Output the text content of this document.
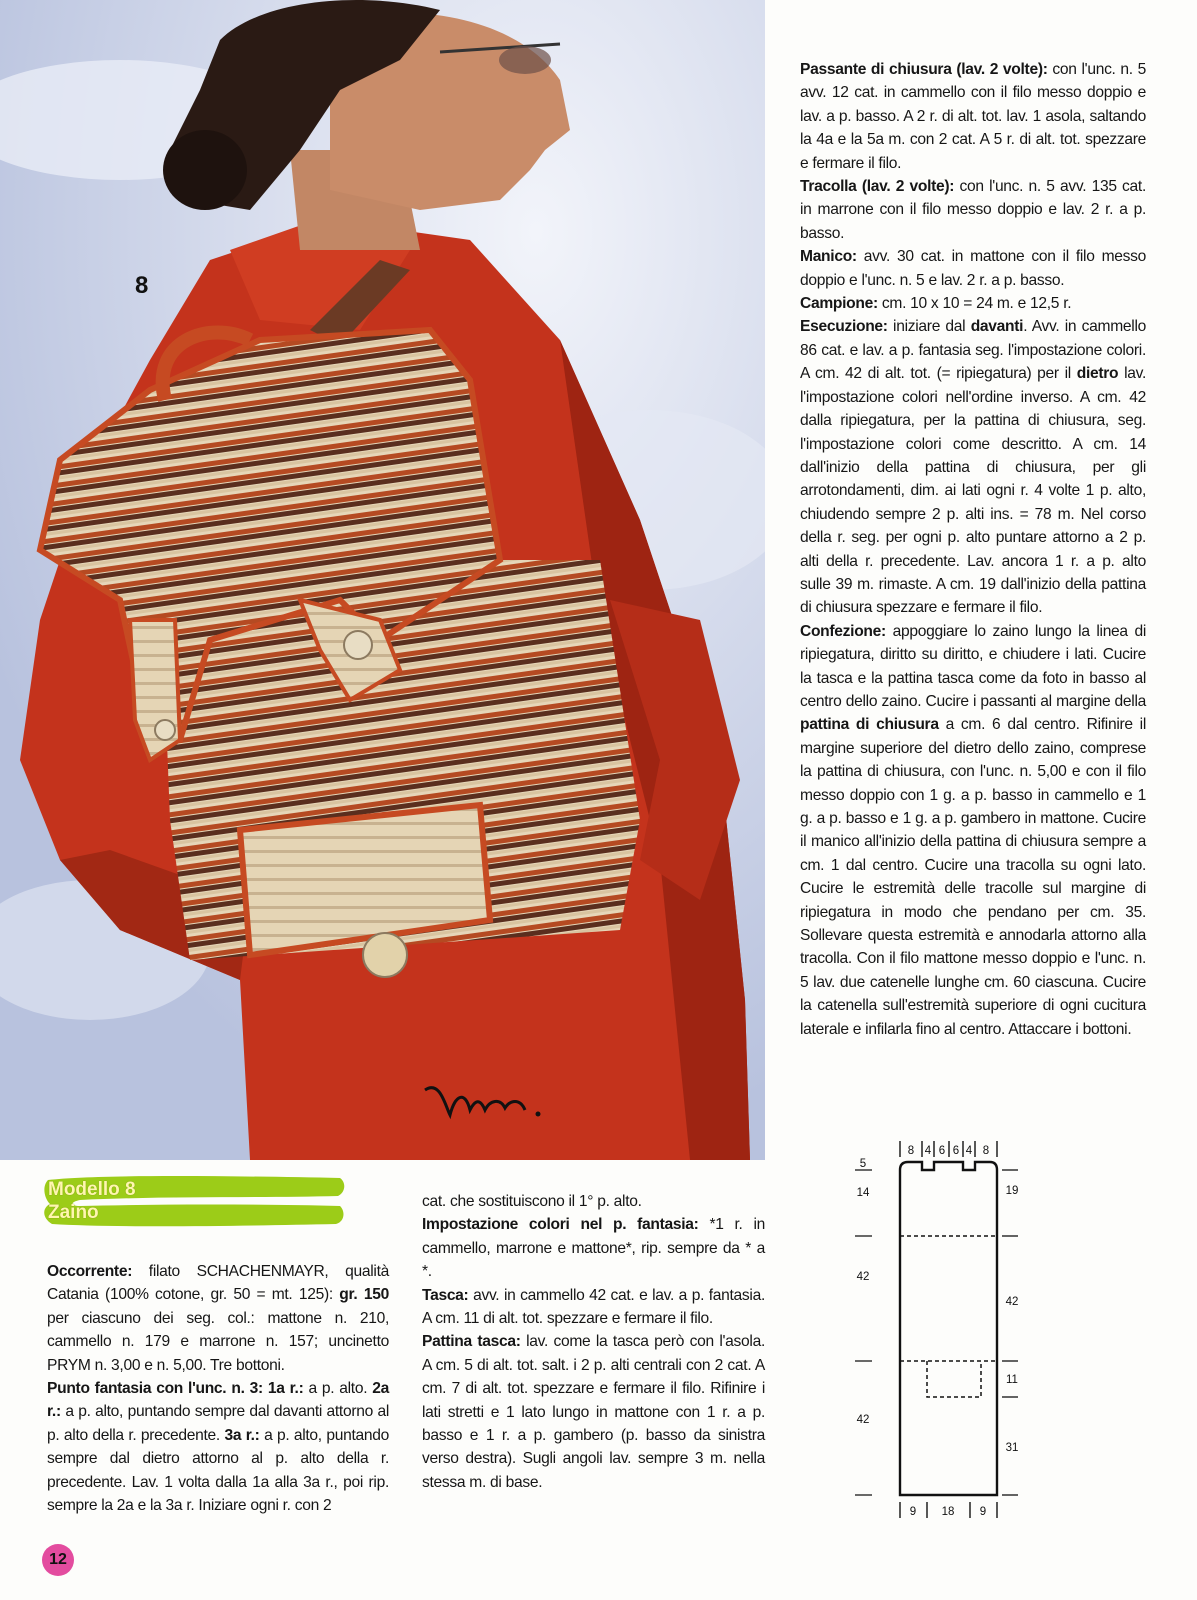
8

Passante di chiusura (lav. 2 volte): con l'unc. n. 5 avv. 12 cat. in cammello con il filo messo doppio e lav. a p. basso. A 2 r. di alt. tot. lav. 1 asola, saltando la 4a e la 5a m. con 2 cat. A 5 r. di alt. tot. spezzare e fermare il filo.

Tracolla (lav. 2 volte): con l'unc. n. 5 avv. 135 cat. in marrone con il filo messo doppio e lav. 2 r. a p. basso.

Manico: avv. 30 cat. in mattone con il filo messo doppio e l'unc. n. 5 e lav. 2 r. a p. basso.

Campione: cm. 10 x 10 = 24 m. e 12,5 r.

Esecuzione: iniziare dal davanti. Avv. in cammello 86 cat. e lav. a p. fantasia seg. l'impostazione colori. A cm. 42 di alt. tot. (= ripiegatura) per il dietro lav. l'impostazione colori nell'ordine inverso. A cm. 42 dalla ripiegatura, per la pattina di chiusura, seg. l'impostazione colori come descritto. A cm. 14 dall'inizio della pattina di chiusura, per gli arrotondamenti, dim. ai lati ogni r. 4 volte 1 p. alto, chiudendo sempre 2 p. alti ins. = 78 m. Nel corso della r. seg. per ogni p. alto puntare attorno a 2 p. alti della r. precedente. Lav. ancora 1 r. a p. alto sulle 39 m. rimaste. A cm. 19 dall'inizio della pattina di chiusura spezzare e fermare il filo.

Confezione: appoggiare lo zaino lungo la linea di ripiegatura, diritto su diritto, e chiudere i lati. Cucire la tasca e la pattina tasca come da foto in basso al centro dello zaino. Cucire i passanti al margine della pattina di chiusura a cm. 6 dal centro. Rifinire il margine superiore del dietro dello zaino, comprese la pattina di chiusura, con l'unc. n. 5,00 e con il filo messo doppio con 1 g. a p. basso in cammello e 1 g. a p. basso e 1 g. a p. gambero in mattone. Cucire il manico all'inizio della pattina di chiusura sempre a cm. 1 dal centro. Cucire una tracolla su ogni lato. Cucire le estremità delle tracolle sul margine di ripiegatura in modo che pendano per cm. 35. Sollevare questa estremità e annodarla attorno alla tracolla. Con il filo mattone messo doppio e l'unc. n. 5 lav. due catenelle lunghe cm. 60 ciascuna. Cucire la catenella sull'estremità superiore di ogni cucitura laterale e infilarla fino al centro. Attaccare i bottoni.

Modello 8
Zaino

Occorrente: filato SCHACHENMAYR, qualità Catania (100% cotone, gr. 50 = mt. 125): gr. 150 per ciascuno dei seg. col.: mattone n. 210, cammello n. 179 e marrone n. 157; uncinetto PRYM n. 3,00 e n. 5,00. Tre bottoni.

Punto fantasia con l'unc. n. 3: 1a r.: a p. alto. 2a r.: a p. alto, puntando sempre dal davanti attorno al p. alto della r. precedente. 3a r.: a p. alto, puntando sempre dal dietro attorno al p. alto della r. precedente. Lav. 1 volta dalla 1a alla 3a r., poi rip. sempre la 2a e la 3a r. Iniziare ogni r. con 2

cat. che sostituiscono il 1° p. alto.

Impostazione colori nel p. fantasia: *1 r. in cammello, marrone e mattone*, rip. sempre da * a *.

Tasca: avv. in cammello 42 cat. e lav. a p. fantasia. A cm. 11 di alt. tot. spezzare e fermare il filo.

Pattina tasca: lav. come la tasca però con l'asola. A cm. 5 di alt. tot. salt. i 2 p. alti centrali con 2 cat. A cm. 7 di alt. tot. spezzare e fermare il filo. Rifinire i lati stretti e 1 lato lungo in mattone con 1 r. a p. basso e 1 r. a p. gambero (p. basso da sinistra verso destra). Sugli angoli lav. sempre 3 m. nella stessa m. di base.

8 4 6 6 4 8
5
14
42
42
19
42
11
31
9 18 9
12
